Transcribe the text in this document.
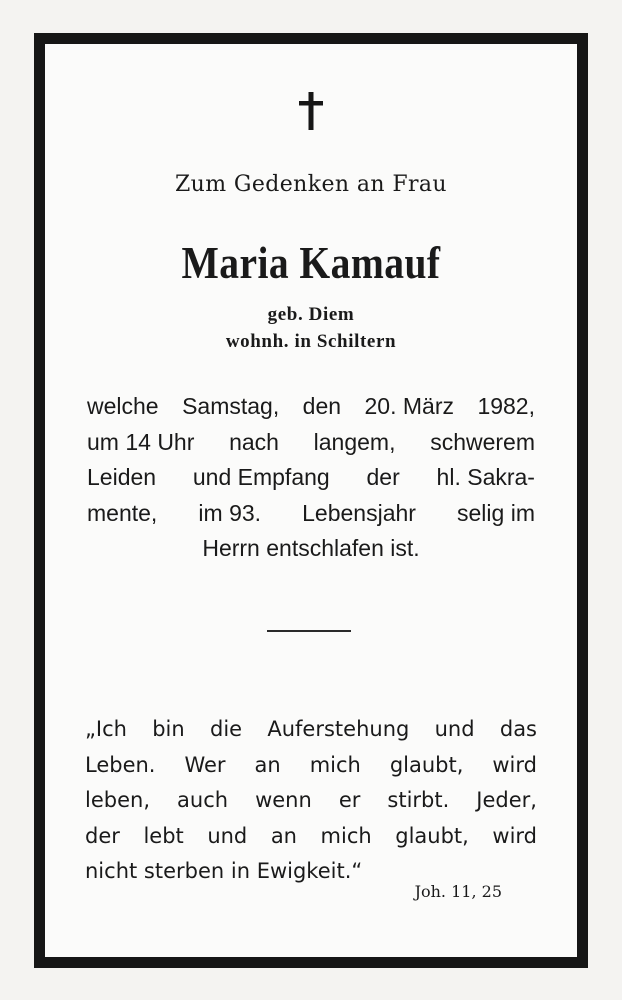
Zum Gedenken an Frau
Maria Kamauf
geb. Diem
wohnh. in Schiltern
welche Samstag, den 20. März 1982,
um 14 Uhr nach langem, schwerem
Leiden und Empfang der hl. Sakra-
mente, im 93. Lebensjahr selig im
Herrn entschlafen ist.
„Ich bin die Auferstehung und das
Leben. Wer an mich glaubt, wird
leben, auch wenn er stirbt. Jeder,
der lebt und an mich glaubt, wird
nicht sterben in Ewigkeit.“
Joh. 11, 25
